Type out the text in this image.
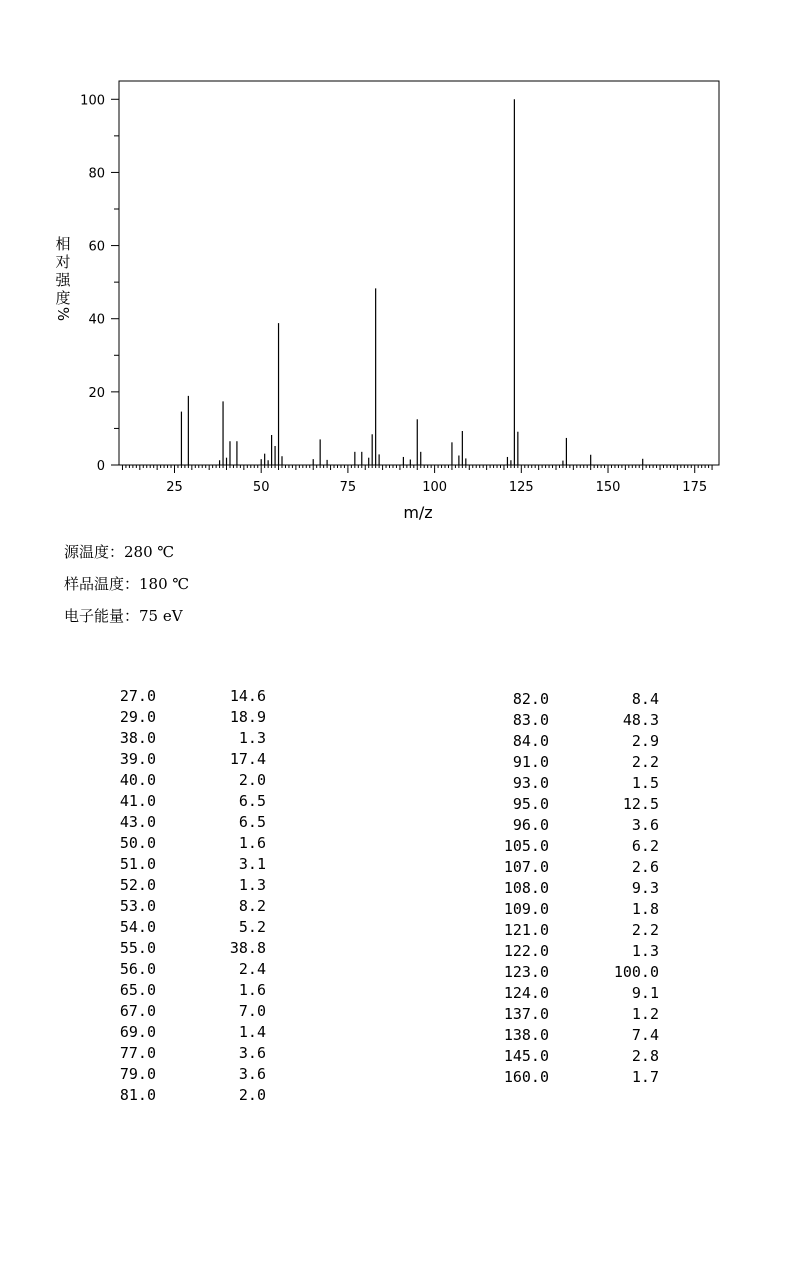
0
20
40
60
80
100
25	50	75	100	125	150	175
m/z
相
对
强
度
%
源温度：280 ℃
样品温度：180 ℃
电子能量：75 eV
27.0	14.6
29.0	18.9
38.0	1.3
39.0	17.4
40.0	2.0
41.0	6.5
43.0	6.5
50.0	1.6
51.0	3.1
52.0	1.3
53.0	8.2
54.0	5.2
55.0	38.8
56.0	2.4
65.0	1.6
67.0	7.0
69.0	1.4
77.0	3.6
79.0	3.6
81.0	2.0
82.0	8.4
83.0	48.3
84.0	2.9
91.0	2.2
93.0	1.5
95.0	12.5
96.0	3.6
105.0	6.2
107.0	2.6
108.0	9.3
109.0	1.8
121.0	2.2
122.0	1.3
123.0	100.0
124.0	9.1
137.0	1.2
138.0	7.4
145.0	2.8
160.0	1.7
